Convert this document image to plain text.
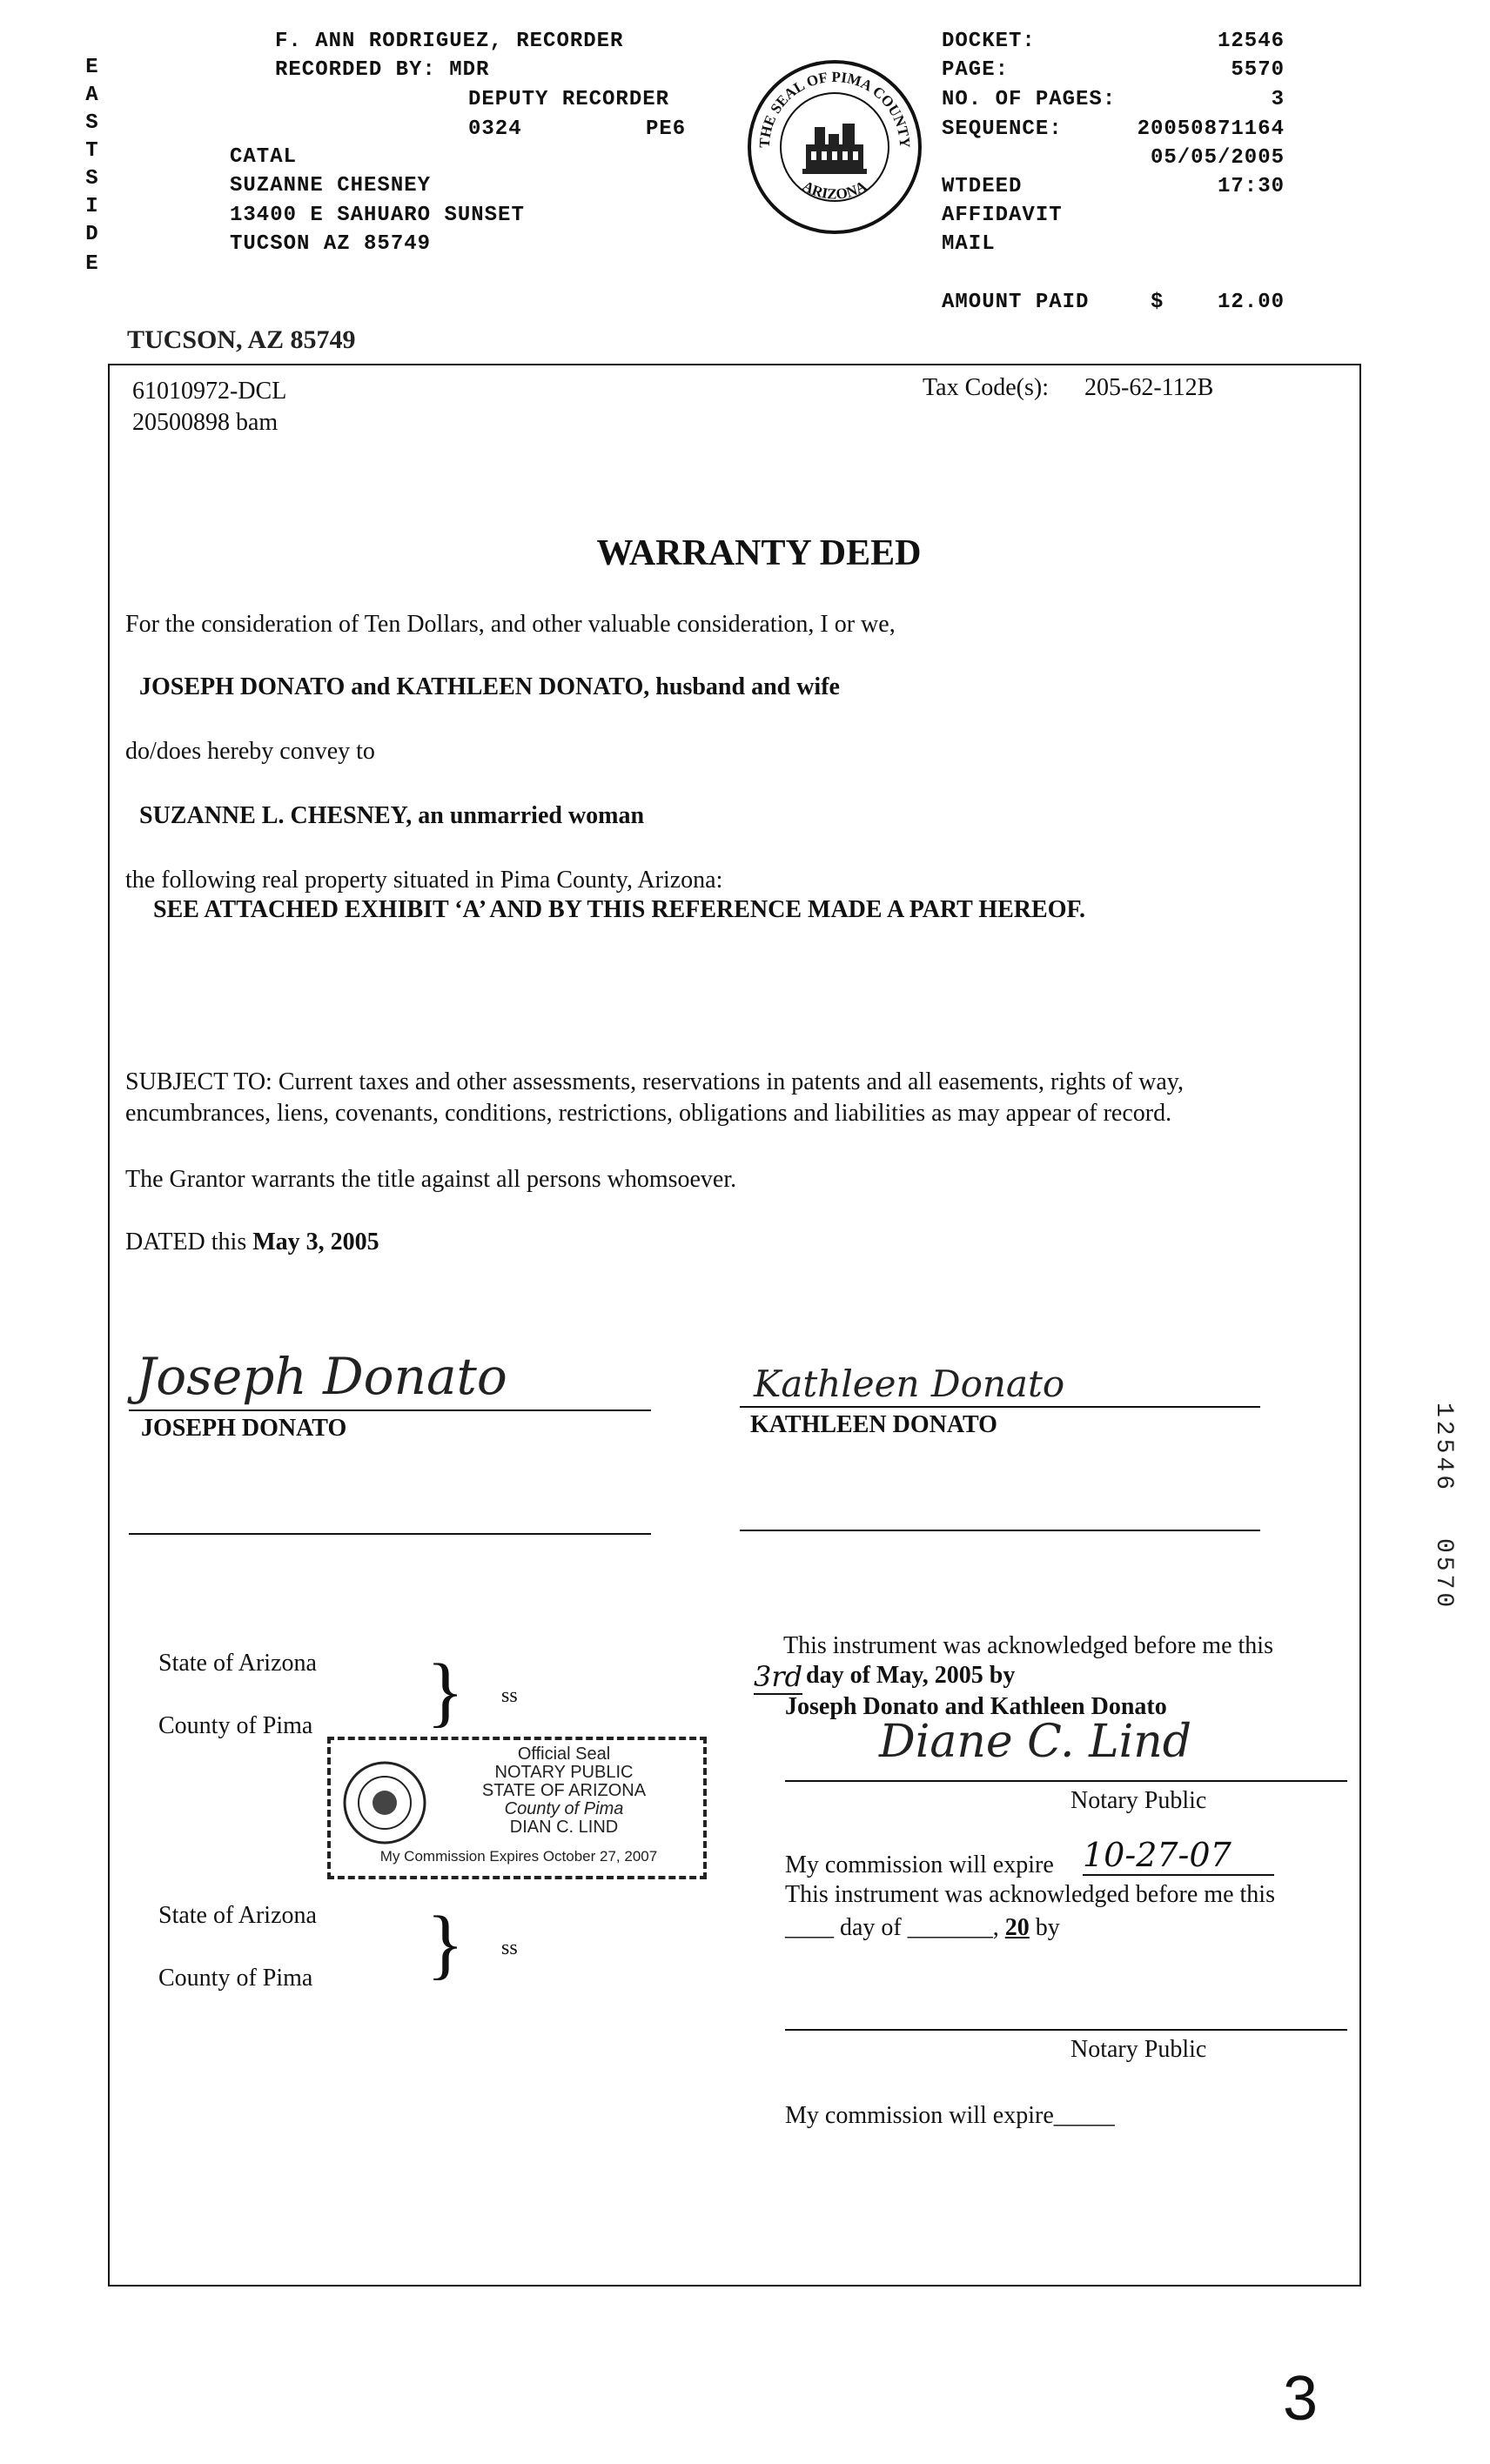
E
A
S
T
S
I
D
E
F. ANN RODRIGUEZ, RECORDER
RECORDED BY: MDR
DEPUTY RECORDER
0324	PE6
CATAL
SUZANNE CHESNEY
13400 E SAHUARO SUNSET
TUCSON AZ 85749
THE SEAL OF PIMA COUNTY
ARIZONA
DOCKET:	12546
PAGE:	5570
NO. OF PAGES:	3
SEQUENCE:	20050871164
05/05/2005
WTDEED	17:30
AFFIDAVIT
MAIL
AMOUNT PAID	$	12.00
TUCSON, AZ 85749
61010972-DCL
20500898 bam
Tax Code(s): 205-62-112B
WARRANTY DEED
For the consideration of Ten Dollars, and other valuable consideration, I or we,
JOSEPH DONATO and KATHLEEN DONATO, husband and wife
do/does hereby convey to
SUZANNE L. CHESNEY, an unmarried woman
the following real property situated in Pima County, Arizona:
SEE ATTACHED EXHIBIT ‘A’ AND BY THIS REFERENCE MADE A PART HEREOF.
SUBJECT TO: Current taxes and other assessments, reservations in patents and all easements, rights of way,
encumbrances, liens, covenants, conditions, restrictions, obligations and liabilities as may appear of record.
The Grantor warrants the title against all persons whomsoever.
DATED this May 3, 2005
Joseph Donato
JOSEPH DONATO
Kathleen Donato
KATHLEEN DONATO
State of Arizona
County of Pima } ss
This instrument was acknowledged before me this
3rd day of May, 2005 by
Joseph Donato and Kathleen Donato
Diane C. Lind
Notary Public
My commission will expire 10-27-07
Official Seal
NOTARY PUBLIC
STATE OF ARIZONA
County of Pima
DIAN C. LIND
My Commission Expires October 27, 2007
State of Arizona
County of Pima } ss
This instrument was acknowledged before me this
____ day of _______, 20 by
Notary Public
My commission will expire_____
12546
0570
3
